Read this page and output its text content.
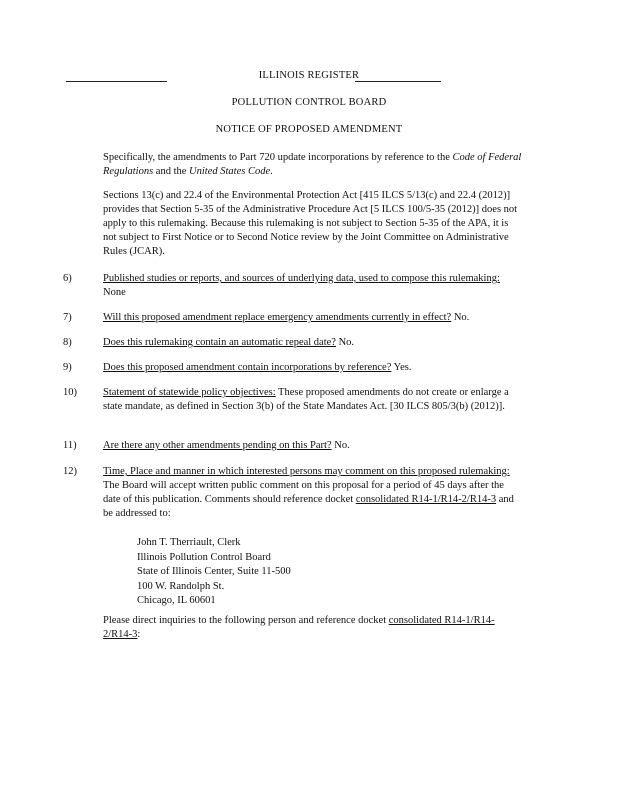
ILLINOIS REGISTER
POLLUTION CONTROL BOARD
NOTICE OF PROPOSED AMENDMENT

Specifically, the amendments to Part 720 update incorporations by reference to the Code of Federal Regulations and the United States Code.

Sections 13(c) and 22.4 of the Environmental Protection Act [415 ILCS 5/13(c) and 22.4 (2012)] provides that Section 5-35 of the Administrative Procedure Act [5 ILCS 100/5-35 (2012)] does not apply to this rulemaking. Because this rulemaking is not subject to Section 5-35 of the APA, it is not subject to First Notice or to Second Notice review by the Joint Committee on Administrative Rules (JCAR).

6)	Published studies or reports, and sources of underlying data, used to compose this rulemaking: None
7)	Will this proposed amendment replace emergency amendments currently in effect? No.
8)	Does this rulemaking contain an automatic repeal date? No.
9)	Does this proposed amendment contain incorporations by reference? Yes.
10) Statement of statewide policy objectives: These proposed amendments do not create or enlarge a state mandate, as defined in Section 3(b) of the State Mandates Act. [30 ILCS 805/3(b) (2012)].
11)	Are there any other amendments pending on this Part? No.
12) Time, Place and manner in which interested persons may comment on this proposed rulemaking: The Board will accept written public comment on this proposal for a period of 45 days after the date of this publication. Comments should reference docket consolidated R14-1/R14-2/R14-3 and be addressed to:
John T. Therriault, Clerk
Illinois Pollution Control Board
State of Illinois Center, Suite 11-500
100 W. Randolph St.
Chicago, IL 60601

Please direct inquiries to the following person and reference docket consolidated R14-1/R14-2/R14-3:
